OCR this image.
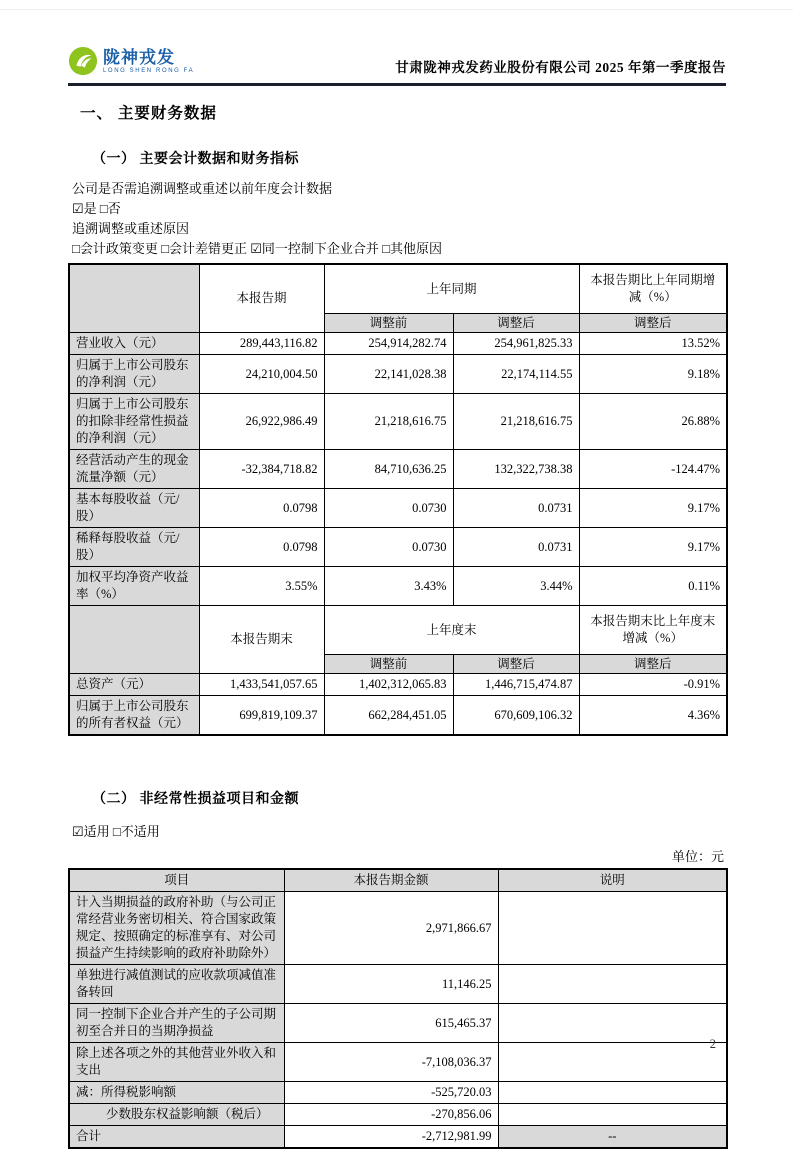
陇神戎发
LONG SHEN RONG FA	甘肃陇神戎发药业股份有限公司 2025 年第一季度报告
一、 主要财务数据
（一） 主要会计数据和财务指标
公司是否需追溯调整或重述以前年度会计数据
☑是 □否
追溯调整或重述原因
□会计政策变更 □会计差错更正 ☑同一控制下企业合并 □其他原因
	本报告期	上年同期		本报告期比上年同期增减（%）
		调整前	调整后	调整后
营业收入（元）	289,443,116.82	254,914,282.74	254,961,825.33	13.52%
归属于上市公司股东的净利润（元）	24,210,004.50	22,141,028.38	22,174,114.55	9.18%
归属于上市公司股东的扣除非经常性损益的净利润（元）	26,922,986.49	21,218,616.75	21,218,616.75	26.88%
经营活动产生的现金流量净额（元）	-32,384,718.82	84,710,636.25	132,322,738.38	-124.47%
基本每股收益（元/股）	0.0798	0.0730	0.0731	9.17%
稀释每股收益（元/股）	0.0798	0.0730	0.0731	9.17%
加权平均净资产收益率（%）	3.55%	3.43%	3.44%	0.11%
	本报告期末	上年度末		本报告期末比上年度末增减（%）
		调整前	调整后	调整后
总资产（元）	1,433,541,057.65	1,402,312,065.83	1,446,715,474.87	-0.91%
归属于上市公司股东的所有者权益（元）	699,819,109.37	662,284,451.05	670,609,106.32	4.36%
（二） 非经常性损益项目和金额
☑适用 □不适用
单位：元
项目	本报告期金额	说明
计入当期损益的政府补助（与公司正常经营业务密切相关、符合国家政策规定、按照确定的标准享有、对公司损益产生持续影响的政府补助除外）	2,971,866.67	
单独进行减值测试的应收款项减值准备转回	11,146.25	
同一控制下企业合并产生的子公司期初至合并日的当期净损益	615,465.37	
除上述各项之外的其他营业外收入和支出	-7,108,036.37	
减：所得税影响额	-525,720.03	
少数股东权益影响额（税后）	-270,856.06	
合计	-2,712,981.99	--
2
